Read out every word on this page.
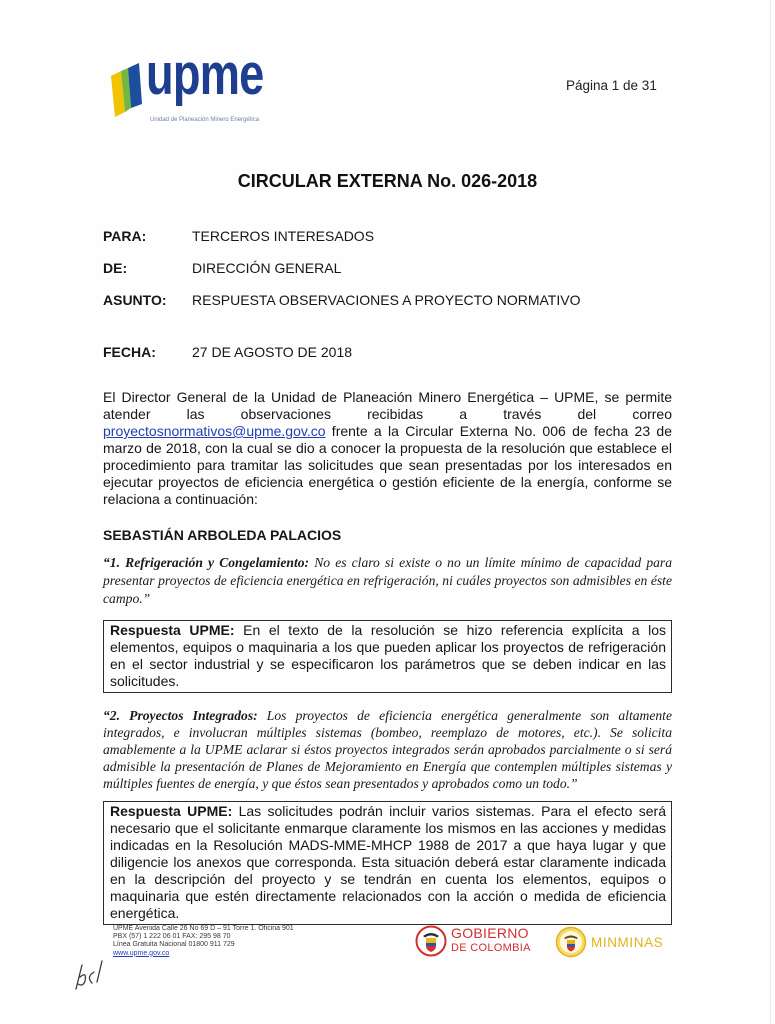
upme
Unidad de Planeación Minero Energética
Página 1 de 31
CIRCULAR EXTERNA No. 026-2018
PARA:	TERCEROS INTERESADOS
DE:	DIRECCIÓN GENERAL
ASUNTO: RESPUESTA OBSERVACIONES A PROYECTO NORMATIVO
FECHA:	27 DE AGOSTO DE 2018

El Director General de la Unidad de Planeación Minero Energética – UPME, se permite atender las observaciones recibidas a través del correo proyectosnormativos@upme.gov.co frente a la Circular Externa No. 006 de fecha 23 de marzo de 2018, con la cual se dio a conocer la propuesta de la resolución que establece el procedimiento para tramitar las solicitudes que sean presentadas por los interesados en ejecutar proyectos de eficiencia energética o gestión eficiente de la energía, conforme se relaciona a continuación:

SEBASTIÁN ARBOLEDA PALACIOS

“1. Refrigeración y Congelamiento: No es claro si existe o no un límite mínimo de capacidad para presentar proyectos de eficiencia energética en refrigeración, ni cuáles proyectos son admisibles en éste campo.”

Respuesta UPME: En el texto de la resolución se hizo referencia explícita a los elementos, equipos o maquinaria a los que pueden aplicar los proyectos de refrigeración en el sector industrial y se especificaron los parámetros que se deben indicar en las solicitudes.

“2. Proyectos Integrados: Los proyectos de eficiencia energética generalmente son altamente integrados, e involucran múltiples sistemas (bombeo, reemplazo de motores, etc.). Se solicita amablemente a la UPME aclarar si éstos proyectos integrados serán aprobados parcialmente o si será admisible la presentación de Planes de Mejoramiento en Energía que contemplen múltiples sistemas y múltiples fuentes de energía, y que éstos sean presentados y aprobados como un todo.”

Respuesta UPME: Las solicitudes podrán incluir varios sistemas. Para el efecto será necesario que el solicitante enmarque claramente los mismos en las acciones y medidas indicadas en la Resolución MADS-MME-MHCP 1988 de 2017 a que haya lugar y que diligencie los anexos que corresponda. Esta situación deberá estar claramente indicada en la descripción del proyecto y se tendrán en cuenta los elementos, equipos o maquinaria que estén directamente relacionados con la acción o medida de eficiencia energética.
UPME Avenida Calle 26 No 69 D – 91 Torre 1. Oficina 901
PBX (57) 1 222 06 01 FAX: 295 98 70
Línea Gratuita Nacional 01800 911 729
www.upme.gov.co
GOBIERNO
DE COLOMBIA	MINMINAS
